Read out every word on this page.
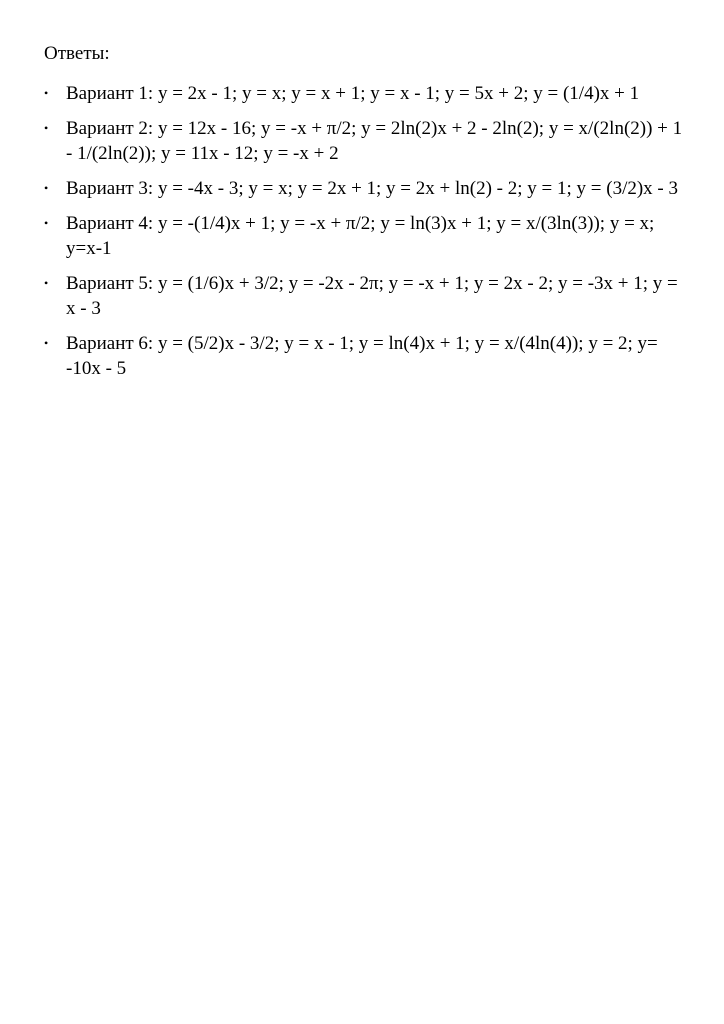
Ответы:
• Вариант 1: y = 2x - 1; y = x; y = x + 1; y = x - 1; y = 5x + 2; y = (1/4)x + 1
• Вариант 2: y = 12x - 16; y = -x + π/2; y = 2ln(2)x + 2 - 2ln(2); y = x/(2ln(2)) + 1 - 1/(2ln(2)); y = 11x - 12; y = -x + 2
• Вариант 3: y = -4x - 3; y = x; y = 2x + 1; y = 2x + ln(2) - 2; y = 1; y = (3/2)x - 3
• Вариант 4: y = -(1/4)x + 1; y = -x + π/2; y = ln(3)x + 1; y = x/(3ln(3)); y = x; y=x-1
• Вариант 5: y = (1/6)x + 3/2; y = -2x - 2π; y = -x + 1; y = 2x - 2; y = -3x + 1; y = x - 3
• Вариант 6: y = (5/2)x - 3/2; y = x - 1; y = ln(4)x + 1; y = x/(4ln(4)); y = 2; y= -10x - 5
